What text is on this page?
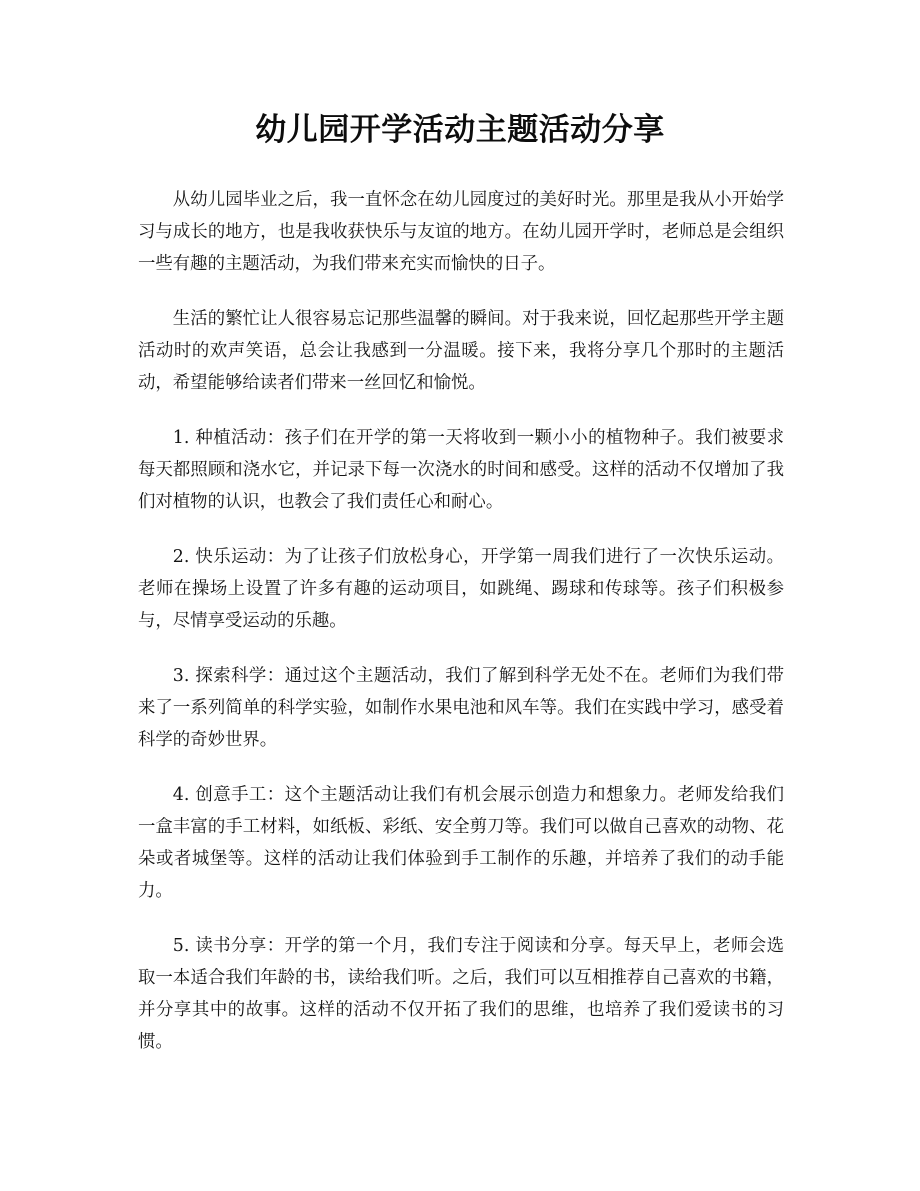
幼儿园开学活动主题活动分享

从幼儿园毕业之后，我一直怀念在幼儿园度过的美好时光。那里是我从小开始学习与成长的地方，也是我收获快乐与友谊的地方。在幼儿园开学时，老师总是会组织一些有趣的主题活动，为我们带来充实而愉快的日子。

生活的繁忙让人很容易忘记那些温馨的瞬间。对于我来说，回忆起那些开学主题活动时的欢声笑语，总会让我感到一分温暖。接下来，我将分享几个那时的主题活动，希望能够给读者们带来一丝回忆和愉悦。

1. 种植活动：孩子们在开学的第一天将收到一颗小小的植物种子。我们被要求每天都照顾和浇水它，并记录下每一次浇水的时间和感受。这样的活动不仅增加了我们对植物的认识，也教会了我们责任心和耐心。

2. 快乐运动：为了让孩子们放松身心，开学第一周我们进行了一次快乐运动。老师在操场上设置了许多有趣的运动项目，如跳绳、踢球和传球等。孩子们积极参与，尽情享受运动的乐趣。

3. 探索科学：通过这个主题活动，我们了解到科学无处不在。老师们为我们带来了一系列简单的科学实验，如制作水果电池和风车等。我们在实践中学习，感受着科学的奇妙世界。

4. 创意手工：这个主题活动让我们有机会展示创造力和想象力。老师发给我们一盒丰富的手工材料，如纸板、彩纸、安全剪刀等。我们可以做自己喜欢的动物、花朵或者城堡等。这样的活动让我们体验到手工制作的乐趣，并培养了我们的动手能力。

5. 读书分享：开学的第一个月，我们专注于阅读和分享。每天早上，老师会选取一本适合我们年龄的书，读给我们听。之后，我们可以互相推荐自己喜欢的书籍，并分享其中的故事。这样的活动不仅开拓了我们的思维，也培养了我们爱读书的习惯。
